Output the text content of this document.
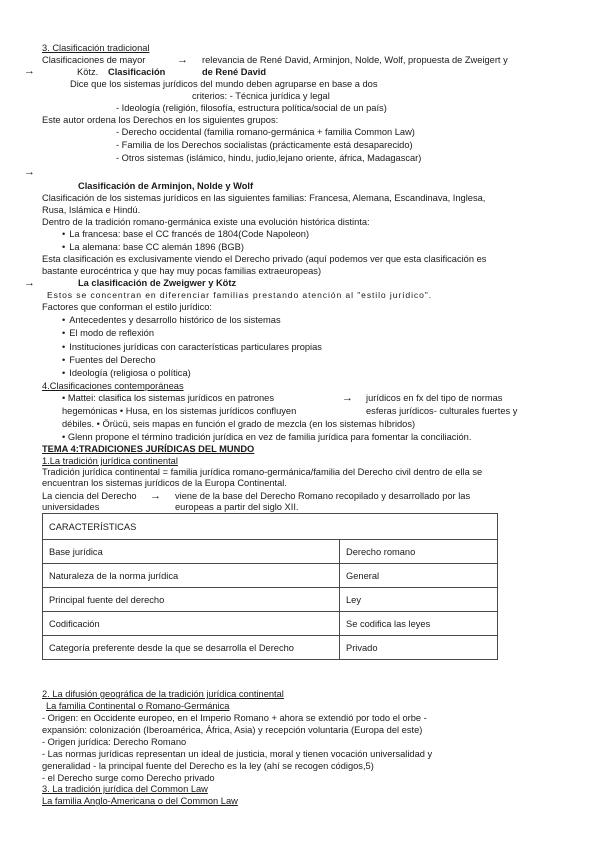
3. Clasificación tradicional
Clasificaciones de mayor	→ relevancia de René David, Arminjon, Nolde, Wolf, propuesta de Zweigert y
→	Kötz. Clasificación	de René David
Dice que los sistemas jurídicos del mundo deben agruparse en base a dos
criterios: - Técnica jurídica y legal
- Ideología (religión, filosofía, estructura política/social de un país)
Este autor ordena los Derechos en los siguientes grupos:
- Derecho occidental (familia romano-germánica + familia Common Law)
- Familia de los Derechos socialistas (prácticamente está desaparecido)
- Otros sistemas (islámico, hindu, judio,lejano oriente, áfrica, Madagascar)
→
Clasificación de Arminjon, Nolde y Wolf
Clasificación de los sistemas jurídicos en las siguientes familias: Francesa, Alemana, Escandinava, Inglesa,
Rusa, Islámica e Hindú.
Dentro de la tradición romano-germánica existe una evolución histórica distinta:
• La francesa: base el CC francés de 1804(Code Napoleon)
• La alemana: base CC alemán 1896 (BGB)
Esta clasificación es exclusivamente viendo el Derecho privado (aquí podemos ver que esta clasificación es
bastante eurocéntrica y que hay muy pocas familias extraeuropeas)
→	La clasificación de Zweigwer y Kötz
Estos se concentran en diferenciar familias prestando atención al "estilo jurídico".
Factores que conforman el estilo jurídico:
• Antecedentes y desarrollo histórico de los sistemas
• El modo de reflexión
• Instituciones jurídicas con características particulares propias
• Fuentes del Derecho
• Ideología (religiosa o política)
4.Clasificaciones contemporáneas
• Mattei: clasifica los sistemas jurídicos en patrones	→ jurídicos en fx del tipo de normas
hegemónicas • Husa, en los sistemas jurídicos confluyen	esferas jurídicos- culturales fuertes y
débiles. • Örücü, seis mapas en función el grado de mezcla (en los sistemas híbridos)
• Glenn propone el término tradición jurídica en vez de familia jurídica para fomentar la conciliación.
TEMA 4:TRADICIONES JURÍDICAS DEL MUNDO
1.La tradición jurídica continental
Tradición jurídica continental = familia jurídica romano-germánica/familia del Derecho civil dentro de ella se
encuentran los sistemas jurídicos de la Europa Continental.
La ciencia del Derecho → viene de la base del Derecho Romano recopilado y desarrollado por las
universidades	europeas a partir del siglo XII.
CARACTERÍSTICAS	
Base jurídica	Derecho romano
Naturaleza de la norma jurídica	General
Principal fuente del derecho	Ley
Codificación	Se codifica las leyes
Categoría preferente desde la que se desarrolla el Derecho	Privado
2. La difusión geográfica de la tradición jurídica continental
La familia Continental o Romano-Germánica
- Origen: en Occidente europeo, en el Imperio Romano + ahora se extendió por todo el orbe -
expansión: colonización (Iberoamérica, África, Asia) y recepción voluntaria (Europa del este)
- Origen jurídica: Derecho Romano
- Las normas jurídicas representan un ideal de justicia, moral y tienen vocación universalidad y
generalidad - la principal fuente del Derecho es la ley (ahí se recogen códigos,5)
- el Derecho surge como Derecho privado
3. La tradición jurídica del Common Law
La familia Anglo-Americana o del Common Law
